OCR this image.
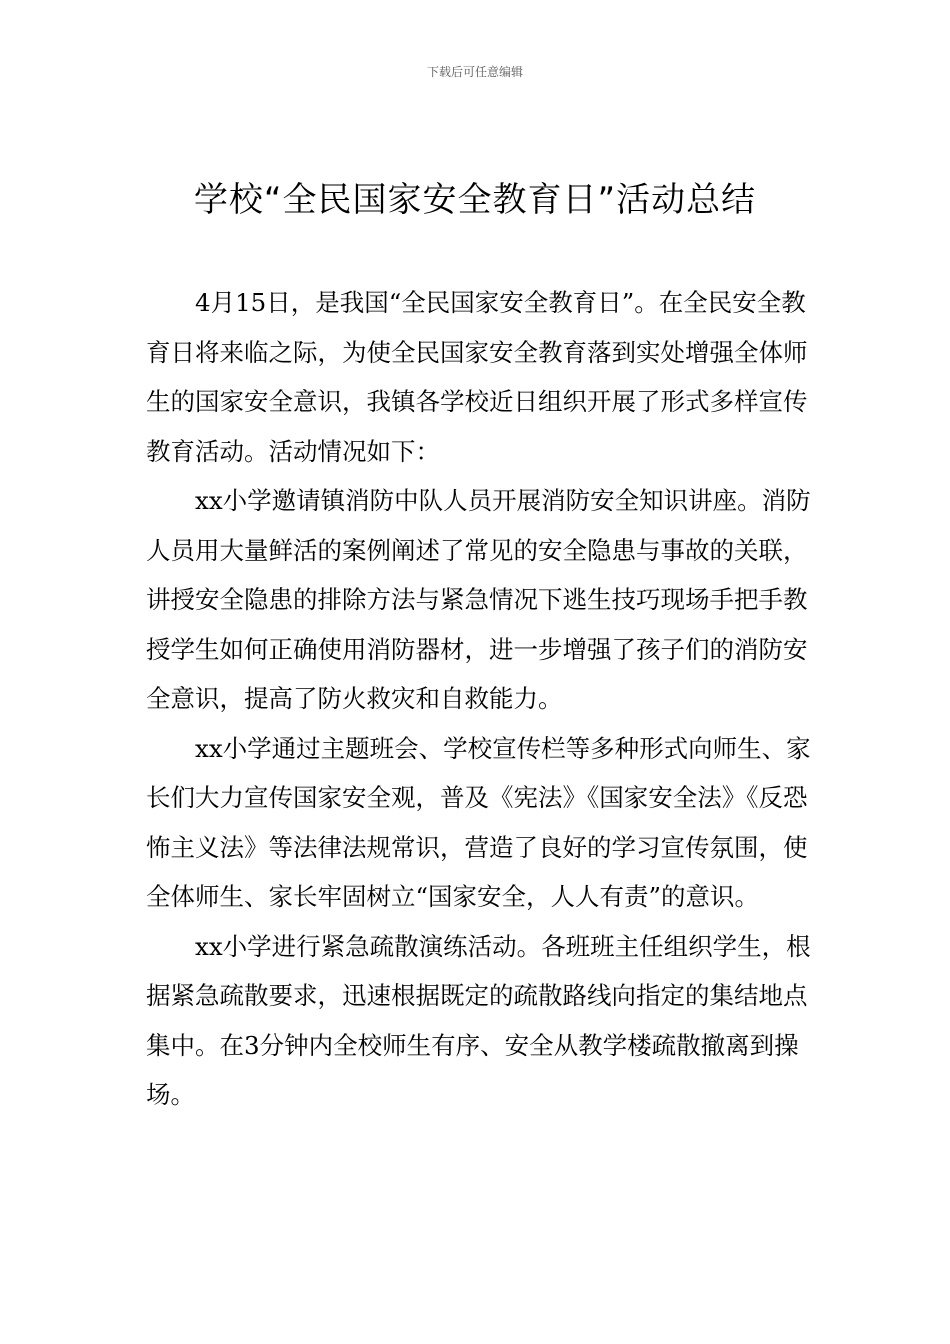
下载后可任意编辑
学校“全民国家安全教育日”活动总结

4月15日，是我国“全民国家安全教育日”。在全民安全教育日将来临之际，为使全民国家安全教育落到实处增强全体师生的国家安全意识，我镇各学校近日组织开展了形式多样宣传教育活动。活动情况如下：

xx小学邀请镇消防中队人员开展消防安全知识讲座。消防人员用大量鲜活的案例阐述了常见的安全隐患与事故的关联，讲授安全隐患的排除方法与紧急情况下逃生技巧现场手把手教授学生如何正确使用消防器材，进一步增强了孩子们的消防安全意识，提高了防火救灾和自救能力。

xx小学通过主题班会、学校宣传栏等多种形式向师生、家长们大力宣传国家安全观，普及《宪法》《国家安全法》《反恐怖主义法》等法律法规常识，营造了良好的学习宣传氛围，使全体师生、家长牢固树立“国家安全，人人有责”的意识。

xx小学进行紧急疏散演练活动。各班班主任组织学生，根据紧急疏散要求，迅速根据既定的疏散路线向指定的集结地点集中。在3分钟内全校师生有序、安全从教学楼疏散撤离到操场。
